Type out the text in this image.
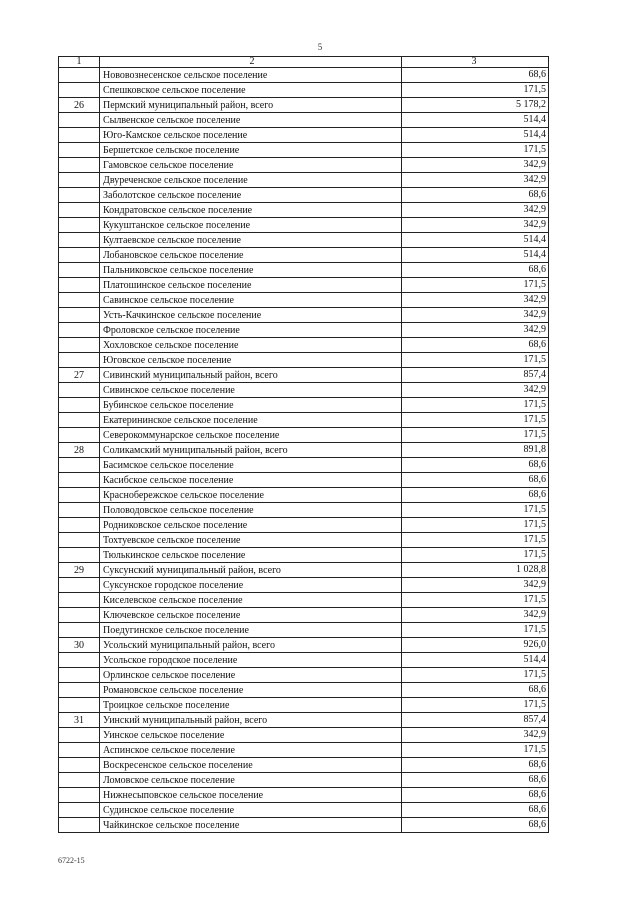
5
1	2	3
	Нововознесенское сельское поселение	68,6
	Спешковское сельское поселение	171,5
26	Пермский муниципальный район, всего	5 178,2
	Сылвенское сельское поселение	514,4
	Юго-Камское сельское поселение	514,4
	Бершетское сельское поселение	171,5
	Гамовское сельское поселение	342,9
	Двуреченское сельское поселение	342,9
	Заболотское сельское поселение	68,6
	Кондратовское сельское поселение	342,9
	Кукуштанское сельское поселение	342,9
	Култаевское сельское поселение	514,4
	Лобановское сельское поселение	514,4
	Пальниковское сельское поселение	68,6
	Платошинское сельское поселение	171,5
	Савинское сельское поселение	342,9
	Усть-Качкинское сельское поселение	342,9
	Фроловское сельское поселение	342,9
	Хохловское сельское поселение	68,6
	Юговское сельское поселение	171,5
27	Сивинский муниципальный район, всего	857,4
	Сивинское сельское поселение	342,9
	Бубинское сельское поселение	171,5
	Екатерининское сельское поселение	171,5
	Северокоммунарское сельское поселение	171,5
28	Соликамский муниципальный район, всего	891,8
	Басимское сельское поселение	68,6
	Касибское сельское поселение	68,6
	Краснобережское сельское поселение	68,6
	Половодовское сельское поселение	171,5
	Родниковское сельское поселение	171,5
	Тохтуевское сельское поселение	171,5
	Тюлькинское сельское поселение	171,5
29	Суксунский муниципальный район, всего	1 028,8
	Суксунское городское поселение	342,9
	Киселевское сельское поселение	171,5
	Ключевское сельское поселение	342,9
	Поедугинское сельское поселение	171,5
30	Усольский муниципальный район, всего	926,0
	Усольское городское поселение	514,4
	Орлинское сельское поселение	171,5
	Романовское сельское поселение	68,6
	Троицкое сельское поселение	171,5
31	Уинский муниципальный район, всего	857,4
	Уинское сельское поселение	342,9
	Аспинское сельское поселение	171,5
	Воскресенское сельское поселение	68,6
	Ломовское сельское поселение	68,6
	Нижнесыповское сельское поселение	68,6
	Судинское сельское поселение	68,6
	Чайкинское сельское поселение	68,6
6722-15
